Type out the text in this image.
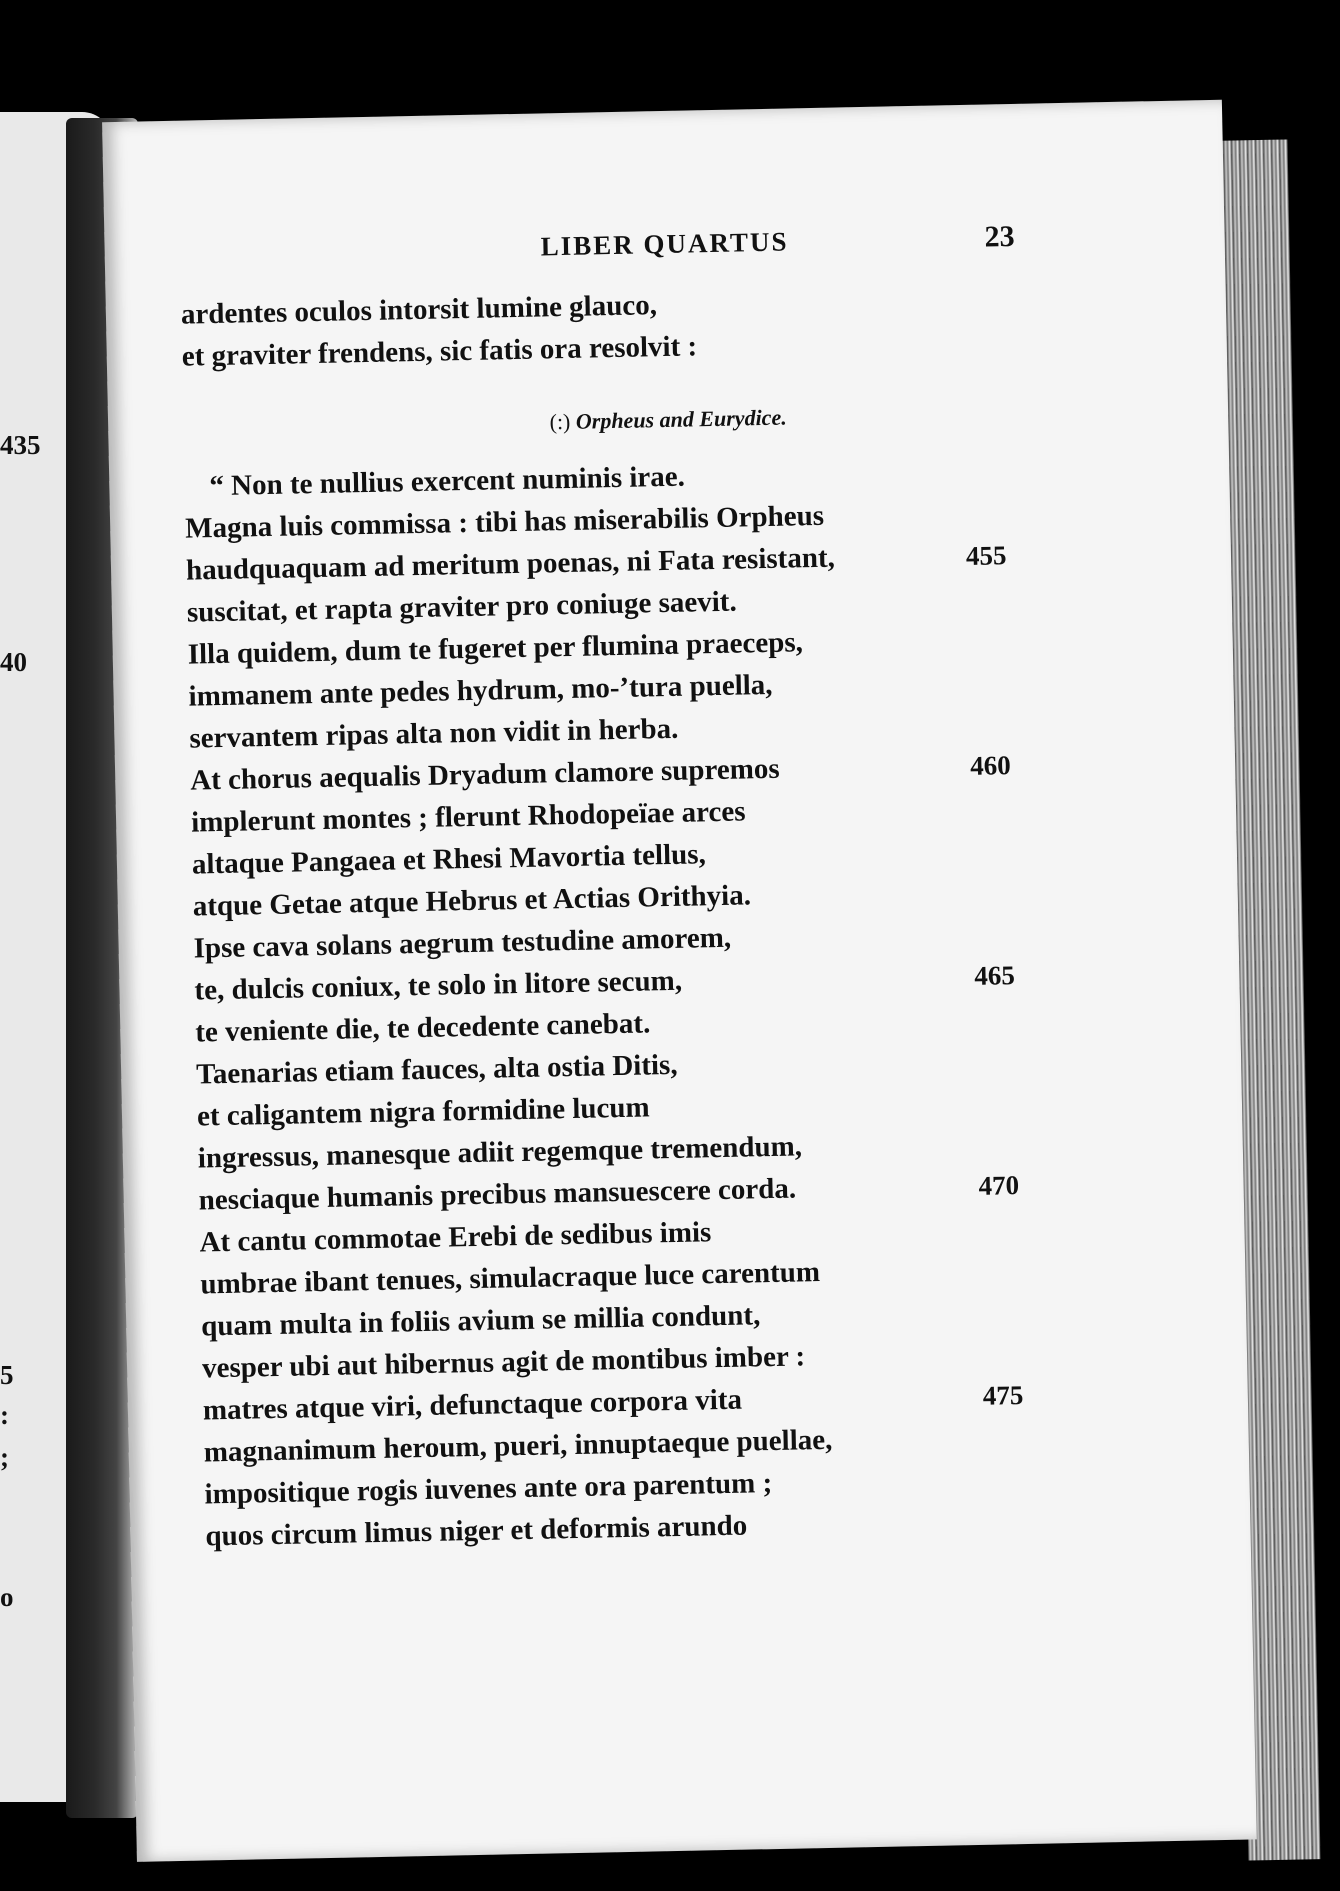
435
40
5
:
;
o
LIBER QUARTUS	23
ardentes oculos intorsit lumine glauco,
et graviter frendens, sic fatis ora resolvit :
(:) Orpheus and Eurydice.
“ Non te nullius exercent numinis irae.
Magna luis commissa : tibi has miserabilis Orpheus
haudquaquam ad meritum poenas, ni Fata resistant,
suscitat, et rapta graviter pro coniuge saevit.
Illa quidem, dum te fugeret per flumina praeceps,
immanem ante pedes hydrum, mo-’tura puella,
servantem ripas alta non vidit in herba.
At chorus aequalis Dryadum clamore supremos
implerunt montes ; flerunt Rhodopeïae arces
altaque Pangaea et Rhesi Mavortia tellus,
atque Getae atque Hebrus et Actias Orithyia.
Ipse cava solans aegrum testudine amorem,
te, dulcis coniux, te solo in litore secum,
te veniente die, te decedente canebat.
Taenarias etiam fauces, alta ostia Ditis,
et caligantem nigra formidine lucum
ingressus, manesque adiit regemque tremendum,
nesciaque humanis precibus mansuescere corda.
At cantu commotae Erebi de sedibus imis
umbrae ibant tenues, simulacraque luce carentum
quam multa in foliis avium se millia condunt,
vesper ubi aut hibernus agit de montibus imber :
matres atque viri, defunctaque corpora vita
magnanimum heroum, pueri, innuptaeque puellae,
impositique rogis iuvenes ante ora parentum ;
quos circum limus niger et deformis arundo
455
460
465
470
475
